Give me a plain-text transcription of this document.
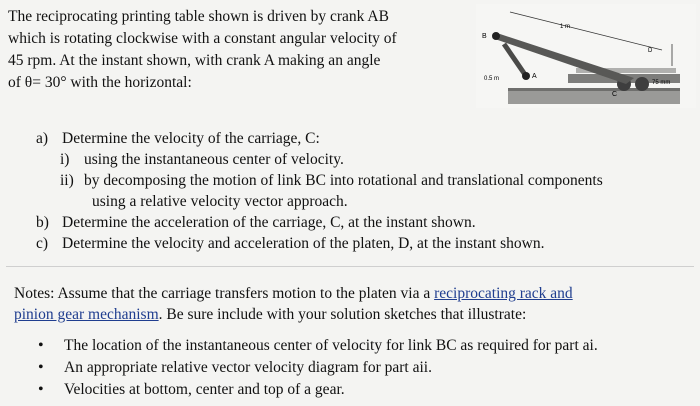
The reciprocating printing table shown is driven by crank AB
which is rotating clockwise with a constant angular velocity of
45 rpm. At the instant shown, with crank A making an angle
of θ= 30° with the horizontal:

B
1 m
D
0.5 m	A
75 mm
C
a) Determine the velocity of the carriage, C:
i) using the instantaneous center of velocity.
ii) by decomposing the motion of link BC into rotational and translational components
using a relative velocity vector approach.
b) Determine the acceleration of the carriage, C, at the instant shown.
c) Determine the velocity and acceleration of the platen, D, at the instant shown.

Notes: Assume that the carriage transfers motion to the platen via a reciprocating rack and
pinion gear mechanism. Be sure include with your solution sketches that illustrate:

• The location of the instantaneous center of velocity for link BC as required for part ai.
• An appropriate relative vector velocity diagram for part aii.
• Velocities at bottom, center and top of a gear.
